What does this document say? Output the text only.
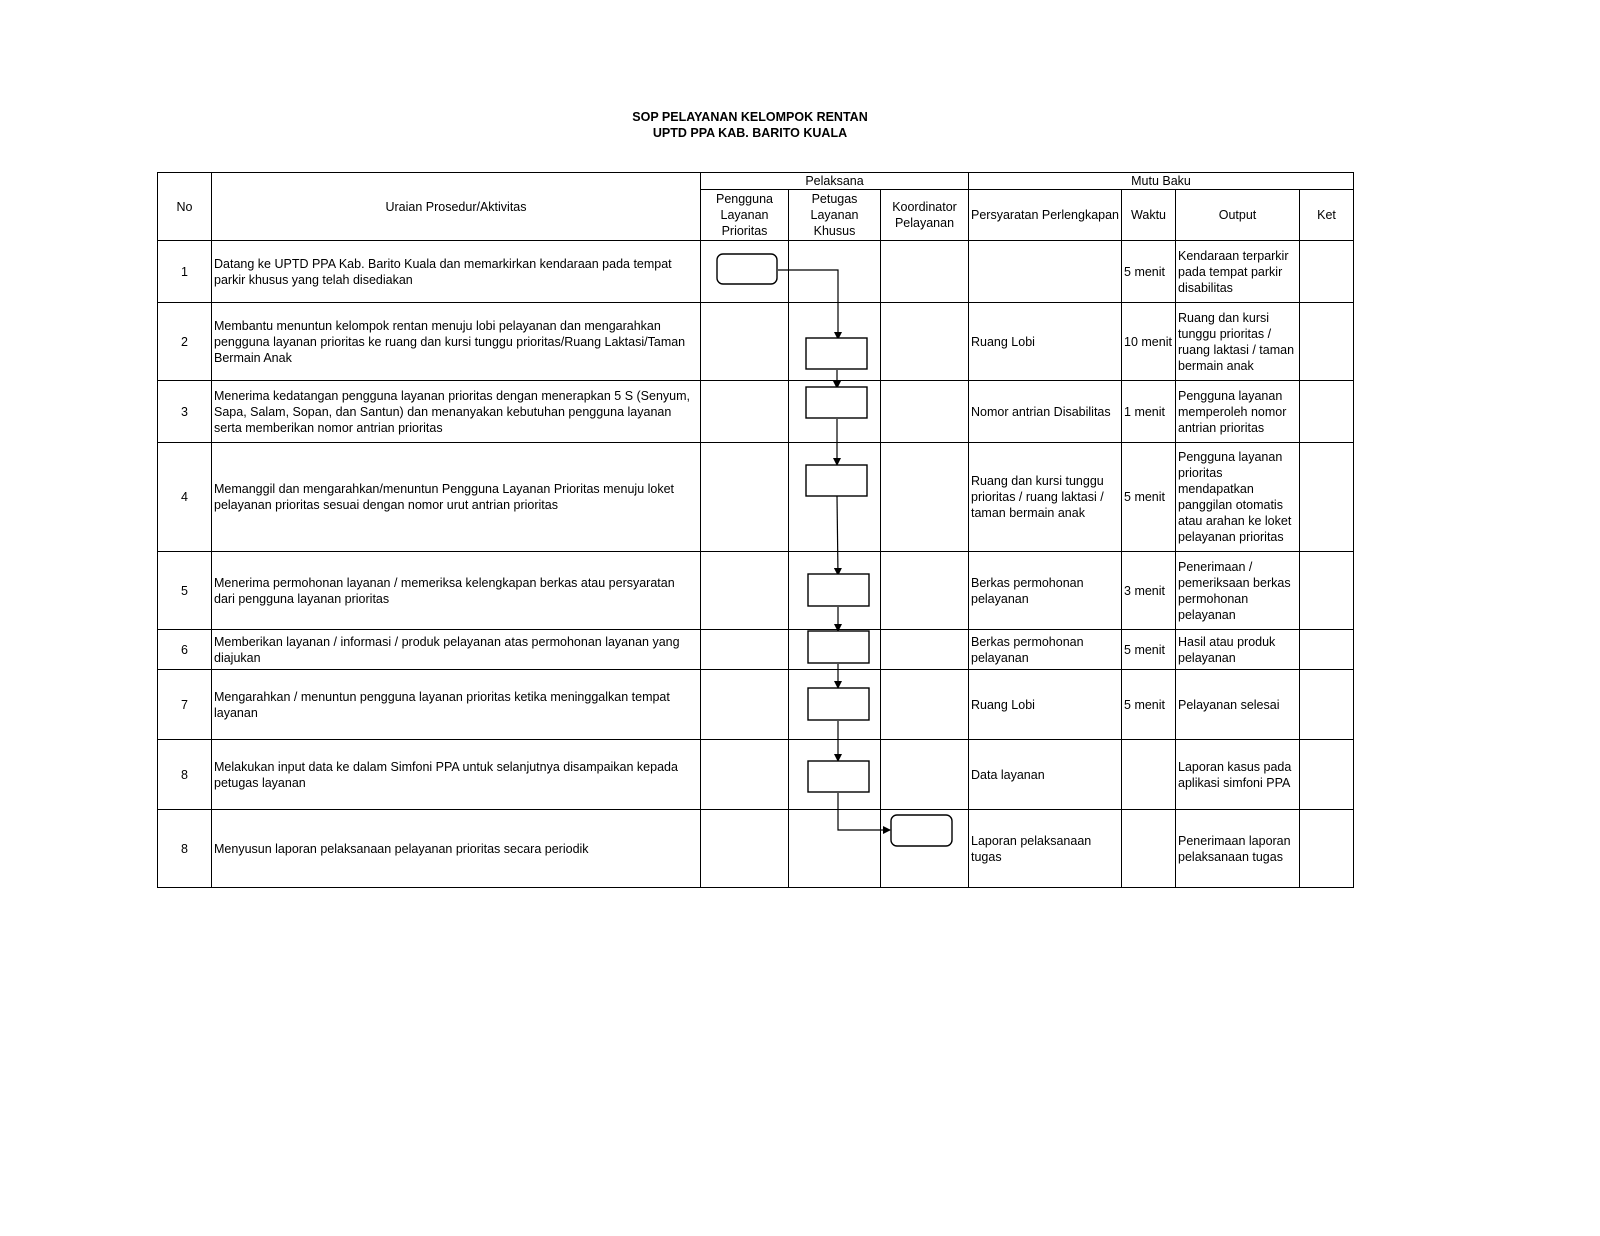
SOP PELAYANAN KELOMPOK RENTAN
UPTD PPA KAB. BARITO KUALA
No	Uraian Prosedur/Aktivitas	Pelaksana			Mutu Baku			
		Pengguna Layanan Prioritas	Petugas Layanan Khusus	Koordinator Pelayanan	Persyaratan Perlengkapan	Waktu	Output	Ket
1	Datang ke UPTD PPA Kab. Barito Kuala dan memarkirkan kendaraan pada tempat parkir khusus yang telah disediakan					5 menit	Kendaraan terparkir pada tempat parkir disabilitas	
2	Membantu menuntun kelompok rentan menuju lobi pelayanan dan mengarahkan pengguna layanan prioritas ke ruang dan kursi tunggu prioritas/Ruang Laktasi/Taman Bermain Anak				Ruang Lobi	10 menit	Ruang dan kursi tunggu prioritas / ruang laktasi / taman bermain anak	
3	Menerima kedatangan pengguna layanan prioritas dengan menerapkan 5 S (Senyum, Sapa, Salam, Sopan, dan Santun) dan menanyakan kebutuhan pengguna layanan serta memberikan nomor antrian prioritas				Nomor antrian Disabilitas	1 menit	Pengguna layanan memperoleh nomor antrian prioritas	
4	Memanggil dan mengarahkan/menuntun Pengguna Layanan Prioritas menuju loket pelayanan prioritas sesuai dengan nomor urut antrian prioritas				Ruang dan kursi tunggu prioritas / ruang laktasi / taman bermain anak	5 menit	Pengguna layanan prioritas mendapatkan panggilan otomatis atau arahan ke loket pelayanan prioritas	
5	Menerima permohonan layanan / memeriksa kelengkapan berkas atau persyaratan dari pengguna layanan prioritas				Berkas permohonan pelayanan	3 menit	Penerimaan / pemeriksaan berkas permohonan pelayanan	
6	Memberikan layanan / informasi / produk pelayanan atas permohonan layanan yang diajukan				Berkas permohonan pelayanan	5 menit	Hasil atau produk pelayanan	
7	Mengarahkan / menuntun pengguna layanan prioritas ketika meninggalkan tempat layanan				Ruang Lobi	5 menit	Pelayanan selesai	
8	Melakukan input data ke dalam Simfoni PPA untuk selanjutnya disampaikan kepada petugas layanan				Data layanan		Laporan kasus pada aplikasi simfoni PPA	
8	Menyusun laporan pelaksanaan pelayanan prioritas secara periodik				Laporan pelaksanaan tugas		Penerimaan laporan pelaksanaan tugas	
